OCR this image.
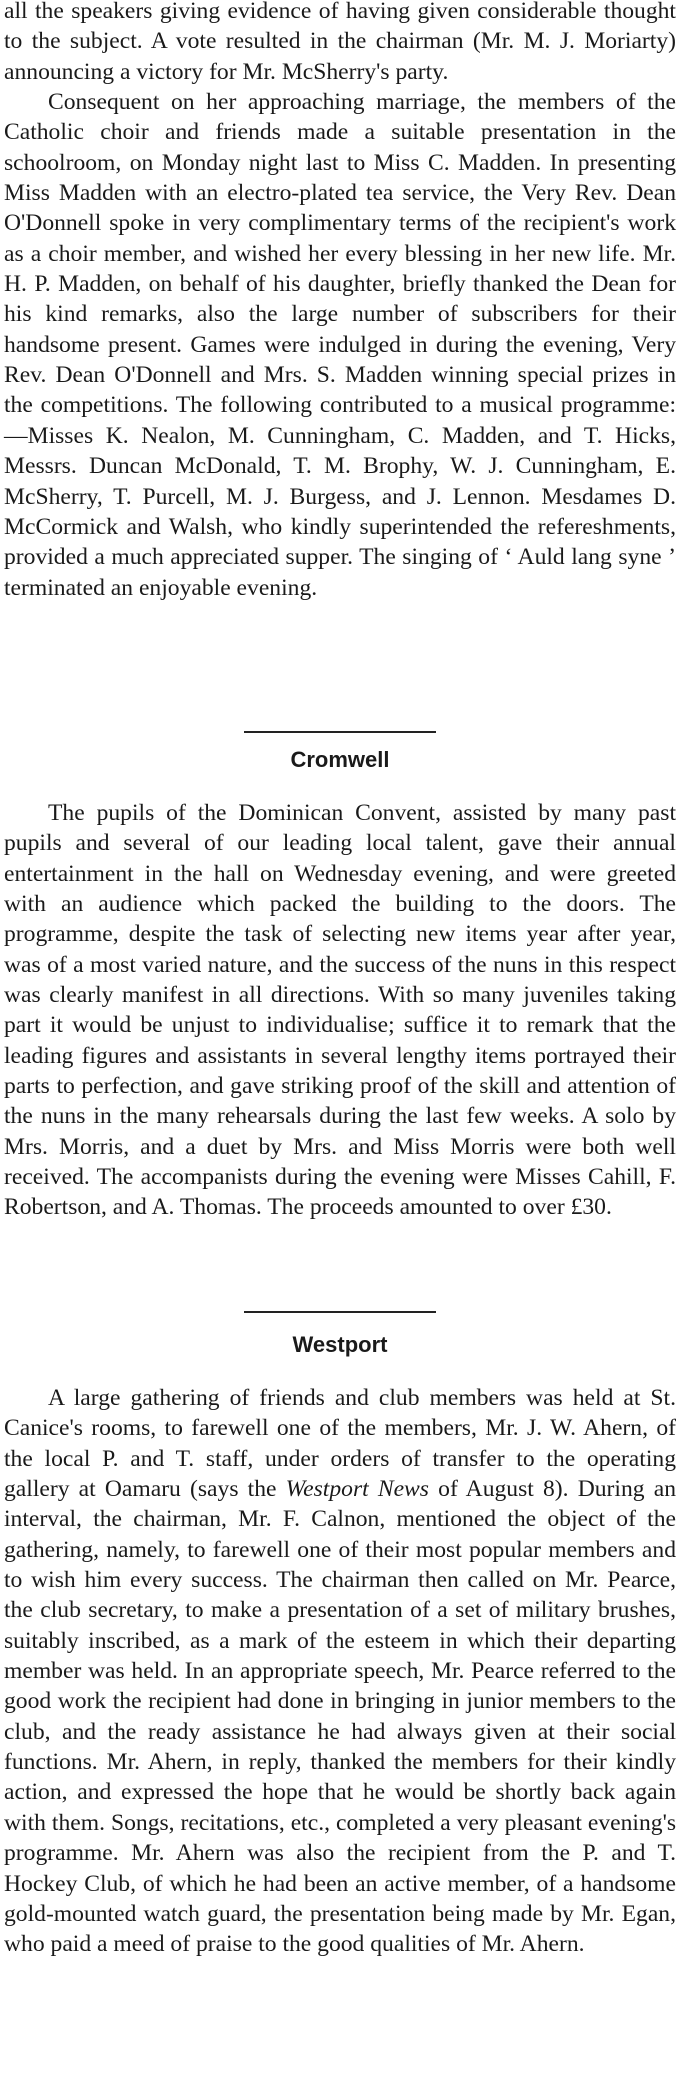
all the speakers giving evidence of having given considerable thought to the subject. A vote resulted in the chairman (Mr. M. J. Moriarty) announcing a victory for Mr. McSherry's party.

Consequent on her approaching marriage, the members of the Catholic choir and friends made a suitable presentation in the schoolroom, on Monday night last to Miss C. Madden. In presenting Miss Madden with an electro-plated tea service, the Very Rev. Dean O'Donnell spoke in very complimentary terms of the recipient's work as a choir member, and wished her every blessing in her new life. Mr. H. P. Madden, on behalf of his daughter, briefly thanked the Dean for his kind remarks, also the large number of subscribers for their handsome present. Games were indulged in during the evening, Very Rev. Dean O'Donnell and Mrs. S. Madden winning special prizes in the competitions. The following contributed to a musical programme:—Misses K. Nealon, M. Cunningham, C. Madden, and T. Hicks, Messrs. Duncan McDonald, T. M. Brophy, W. J. Cunningham, E. McSherry, T. Purcell, M. J. Burgess, and J. Lennon. Mesdames D. McCormick and Walsh, who kindly superintended the refereshments, provided a much appreciated supper. The singing of ‘ Auld lang syne ’ terminated an enjoyable evening.

Cromwell

The pupils of the Dominican Convent, assisted by many past pupils and several of our leading local talent, gave their annual entertainment in the hall on Wednesday evening, and were greeted with an audience which packed the building to the doors. The programme, despite the task of selecting new items year after year, was of a most varied nature, and the success of the nuns in this respect was clearly manifest in all directions. With so many juveniles taking part it would be unjust to individualise; suffice it to remark that the leading figures and assistants in several lengthy items portrayed their parts to perfection, and gave striking proof of the skill and attention of the nuns in the many rehearsals during the last few weeks. A solo by Mrs. Morris, and a duet by Mrs. and Miss Morris were both well received. The accompanists during the evening were Misses Cahill, F. Robertson, and A. Thomas. The proceeds amounted to over £30.

Westport

A large gathering of friends and club members was held at St. Canice's rooms, to farewell one of the members, Mr. J. W. Ahern, of the local P. and T. staff, under orders of transfer to the operating gallery at Oamaru (says the Westport News of August 8). During an interval, the chairman, Mr. F. Calnon, mentioned the object of the gathering, namely, to farewell one of their most popular members and to wish him every success. The chairman then called on Mr. Pearce, the club secretary, to make a presentation of a set of military brushes, suitably inscribed, as a mark of the esteem in which their departing member was held. In an appropriate speech, Mr. Pearce referred to the good work the recipient had done in bringing in junior members to the club, and the ready assistance he had always given at their social functions. Mr. Ahern, in reply, thanked the members for their kindly action, and expressed the hope that he would be shortly back again with them. Songs, recitations, etc., completed a very pleasant evening's programme. Mr. Ahern was also the recipient from the P. and T. Hockey Club, of which he had been an active member, of a handsome gold-mounted watch guard, the presentation being made by Mr. Egan, who paid a meed of praise to the good qualities of Mr. Ahern.
